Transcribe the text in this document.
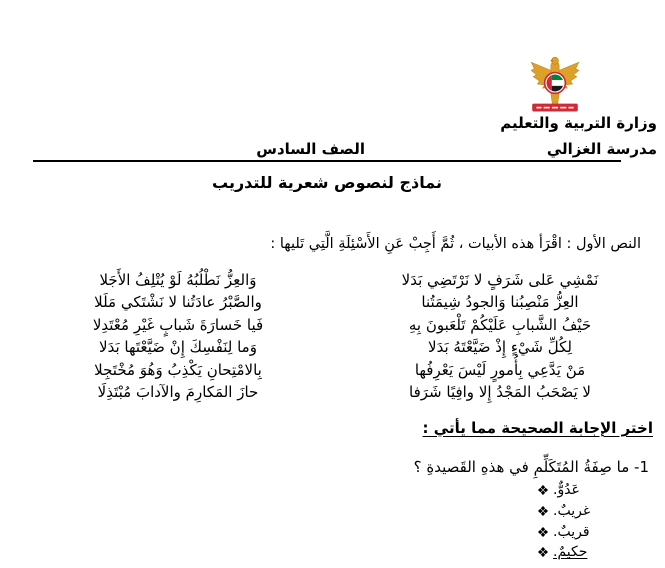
وزارة التربية والتعليم
مدرسة الغزالي
الصف السادس
نماذج لنصوص شعرية للتدريب
النص الأول : اقْرَأ هذه الأبيات ، ثُمَّ أَجِبْ عَنِ الأَسْئِلَةِ الَّتِي تَليها :
نَمْشِي عَلى شَرَفٍ لا نَرْتَضِي بَدَلا
العِزُّ مَنْصِبُنا وَالجودُ شِيمَتُنا
حَيْفُ الشَّبابِ عَلَيْكُمْ تَلْعَبونَ بِهِ
لِكُلِّ شَيْءٍ إِذْ ضَيَّعْتَهُ بَدَلا
مَنْ يَدَّعِي بِأُمورٍ لَيْسَ يَعْرِفُها
لا يَصْحَبُ المَجْدُ إِلا وافِيًا شَرَفا
وَالعِزُّ نَطْلُبُهُ لَوْ يُتْلِفُ الأَجَلا
والصَّبْرُ عادَتُنا لا نَشْتَكي مَلَلا
فَيا خَسارَةَ شَبابٍ غَيْرِ مُعْتَدِلا
وَما لِنَفْسِكَ إِنْ ضَيَّعْتَها بَدَلا
بِالامْتِحانِ يَكْذِبُ وَهُوَ مُخْتَجِلا
حازَ المَكارِمَ والآدابَ مُبْتَذِلَا
اختر الإجابة الصحيحة مما يأتي :
1- ما صِفَةُ المُتَكَلِّمِ في هذهِ القَصيدةِ ؟
عَدُوٌّ.
غريبٌ.
قريبٌ.
حكيمٌ.
